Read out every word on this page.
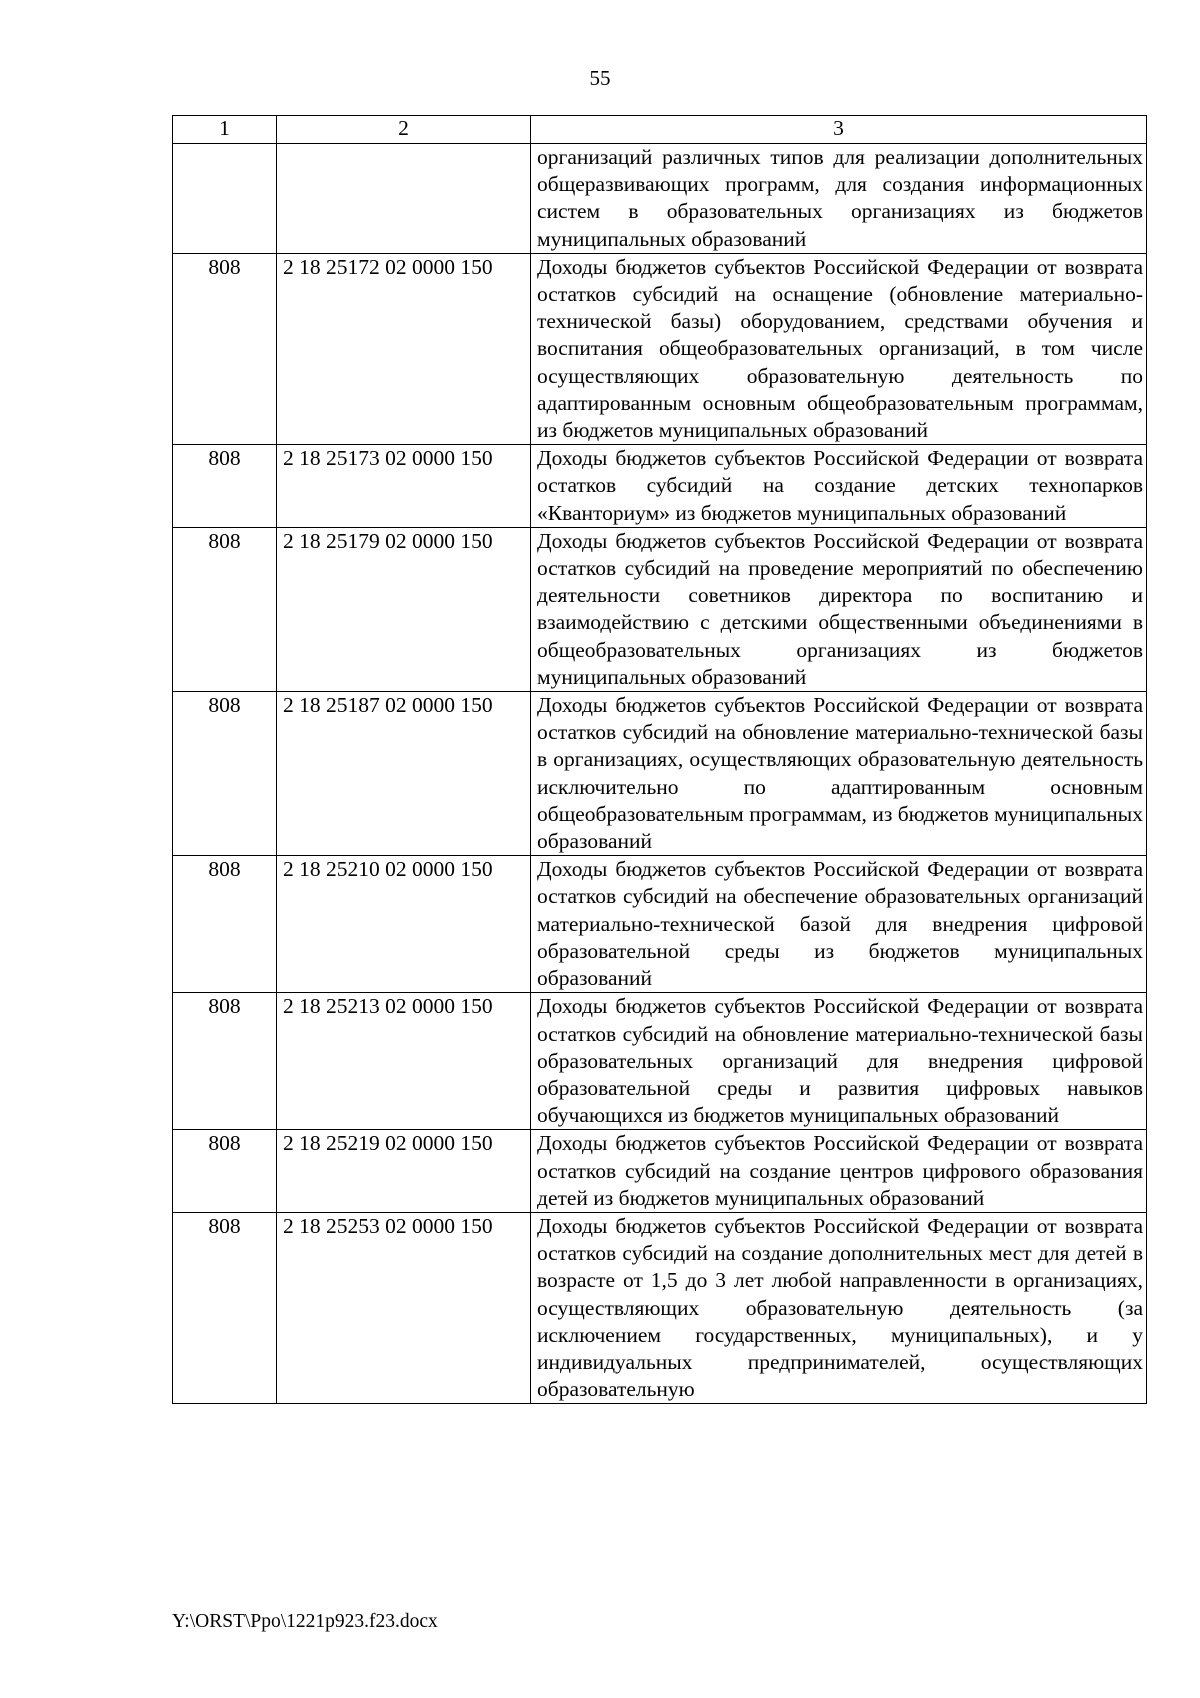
55
1	2	3
		организаций различных типов для реализации дополнительных общеразвивающих программ, для создания информационных систем в образовательных организациях из бюджетов муниципальных образований
808	2 18 25172 02 0000 150	Доходы бюджетов субъектов Российской Федерации от возврата остатков субсидий на оснащение (обновление материально-технической базы) оборудованием, средствами обучения и воспитания общеобразовательных организаций, в том числе осуществляющих образовательную деятельность по адаптированным основным общеобразовательным программам, из бюджетов муниципальных образований
808	2 18 25173 02 0000 150	Доходы бюджетов субъектов Российской Федерации от возврата остатков субсидий на создание детских технопарков «Кванториум» из бюджетов муниципальных образований
808	2 18 25179 02 0000 150	Доходы бюджетов субъектов Российской Федерации от возврата остатков субсидий на проведение мероприятий по обеспечению деятельности советников директора по воспитанию и взаимодействию с детскими общественными объединениями в общеобразовательных организациях из бюджетов муниципальных образований
808	2 18 25187 02 0000 150	Доходы бюджетов субъектов Российской Федерации от возврата остатков субсидий на обновление материально-технической базы в организациях, осуществляющих образовательную деятельность исключительно по адаптированным основным общеобразовательным программам, из бюджетов муниципальных образований
808	2 18 25210 02 0000 150	Доходы бюджетов субъектов Российской Федерации от возврата остатков субсидий на обеспечение образовательных организаций материально-технической базой для внедрения цифровой образовательной среды из бюджетов муниципальных образований
808	2 18 25213 02 0000 150	Доходы бюджетов субъектов Российской Федерации от возврата остатков субсидий на обновление материально-технической базы образовательных организаций для внедрения цифровой образовательной среды и развития цифровых навыков обучающихся из бюджетов муниципальных образований
808	2 18 25219 02 0000 150	Доходы бюджетов субъектов Российской Федерации от возврата остатков субсидий на создание центров цифрового образования детей из бюджетов муниципальных образований
808	2 18 25253 02 0000 150	Доходы бюджетов субъектов Российской Федерации от возврата остатков субсидий на создание дополнительных мест для детей в возрасте от 1,5 до 3 лет любой направленности в организациях, осуществляющих образовательную деятельность (за исключением государственных, муниципальных), и у индивидуальных предпринимателей, осуществляющих образовательную
Y:\ORST\Ppo\1221p923.f23.docx
